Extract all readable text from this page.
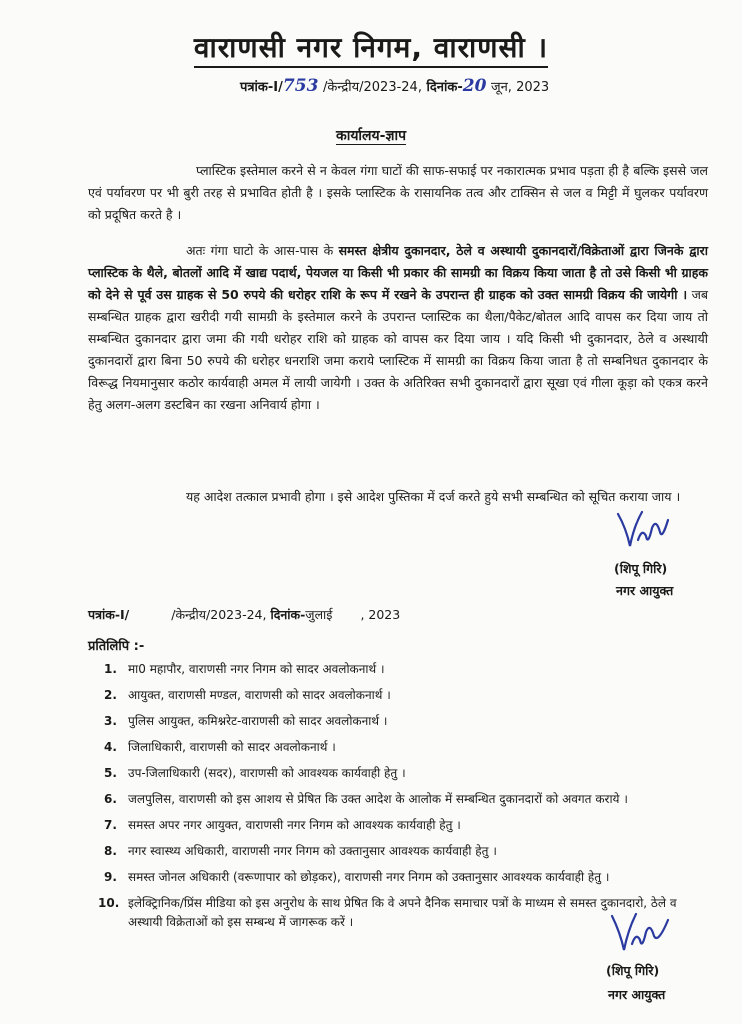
वाराणसी नगर निगम, वाराणसी ।
पत्रांक-I/753 /केन्द्रीय/2023-24, दिनांक-20 जून, 2023
कार्यालय-ज्ञाप
प्लास्टिक इस्तेमाल करने से न केवल गंगा घाटों की साफ-सफाई पर नकारात्मक प्रभाव पड़ता ही है बल्कि इससे जल एवं पर्यावरण पर भी बुरी तरह से प्रभावित होती है । इसके प्लास्टिक के रासायनिक तत्व और टाक्सिन से जल व मिट्टी में घुलकर पर्यावरण को प्रदूषित करते है ।
अतः गंगा घाटो के आस-पास के समस्त क्षेत्रीय दुकानदार, ठेले व अस्थायी दुकानदारों/विक्रेताओं द्वारा जिनके द्वारा प्लास्टिक के थैले, बोतलों आदि में खाद्य पदार्थ, पेयजल या किसी भी प्रकार की सामग्री का विक्रय किया जाता है तो उसे किसी भी ग्राहक को देने से पूर्व उस ग्राहक से 50 रुपये की धरोहर राशि के रूप में रखने के उपरान्त ही ग्राहक को उक्त सामग्री विक्रय की जायेगी । जब सम्बन्धित ग्राहक द्वारा खरीदी गयी सामग्री के इस्तेमाल करने के उपरान्त प्लास्टिक का थैला/पैकेट/बोतल आदि वापस कर दिया जाय तो सम्बन्धित दुकानदार द्वारा जमा की गयी धरोहर राशि को ग्राहक को वापस कर दिया जाय । यदि किसी भी दुकानदार, ठेले व अस्थायी दुकानदारों द्वारा बिना 50 रुपये की धरोहर धनराशि जमा कराये प्लास्टिक में सामग्री का विक्रय किया जाता है तो सम्बनिधत दुकानदार के विरूद्ध नियमानुसार कठोर कार्यवाही अमल में लायी जायेगी । उक्त के अतिरिक्त सभी दुकानदारों द्वारा सूखा एवं गीला कूड़ा को एकत्र करने हेतु अलग-अलग डस्टबिन का रखना अनिवार्य होगा ।
यह आदेश तत्काल प्रभावी होगा । इसे आदेश पुस्तिका में दर्ज करते हुये सभी सम्बन्धित को सूचित कराया जाय ।
(शिपू गिरि)
नगर आयुक्त
पत्रांक-I/	/केन्द्रीय/2023-24, दिनांक-जुलाई , 2023
प्रतिलिपि :-
1. मा0 महापौर, वाराणसी नगर निगम को सादर अवलोकनार्थ ।
2. आयुक्त, वाराणसी मण्डल, वाराणसी को सादर अवलोकनार्थ ।
3. पुलिस आयुक्त, कमिश्नरेट-वाराणसी को सादर अवलोकनार्थ ।
4. जिलाधिकारी, वाराणसी को सादर अवलोकनार्थ ।
5. उप-जिलाधिकारी (सदर), वाराणसी को आवश्यक कार्यवाही हेतु ।
6. जलपुलिस, वाराणसी को इस आशय से प्रेषित कि उक्त आदेश के आलोक में सम्बन्धित दुकानदारों को अवगत कराये ।
7. समस्त अपर नगर आयुक्त, वाराणसी नगर निगम को आवश्यक कार्यवाही हेतु ।
8. नगर स्वास्थ्य अधिकारी, वाराणसी नगर निगम को उक्तानुसार आवश्यक कार्यवाही हेतु ।
9. समस्त जोनल अधिकारी (वरूणापार को छोड़कर), वाराणसी नगर निगम को उक्तानुसार आवश्यक कार्यवाही हेतु ।
10. इलेक्ट्रिानिक/प्रिंस मीडिया को इस अनुरोध के साथ प्रेषित कि वे अपने दैनिक समाचार पत्रों के माध्यम से समस्त दुकानदारो, ठेले व अस्थायी विक्रेताओं को इस सम्बन्ध में जागरूक करें ।
(शिपू गिरि)
नगर आयुक्त
